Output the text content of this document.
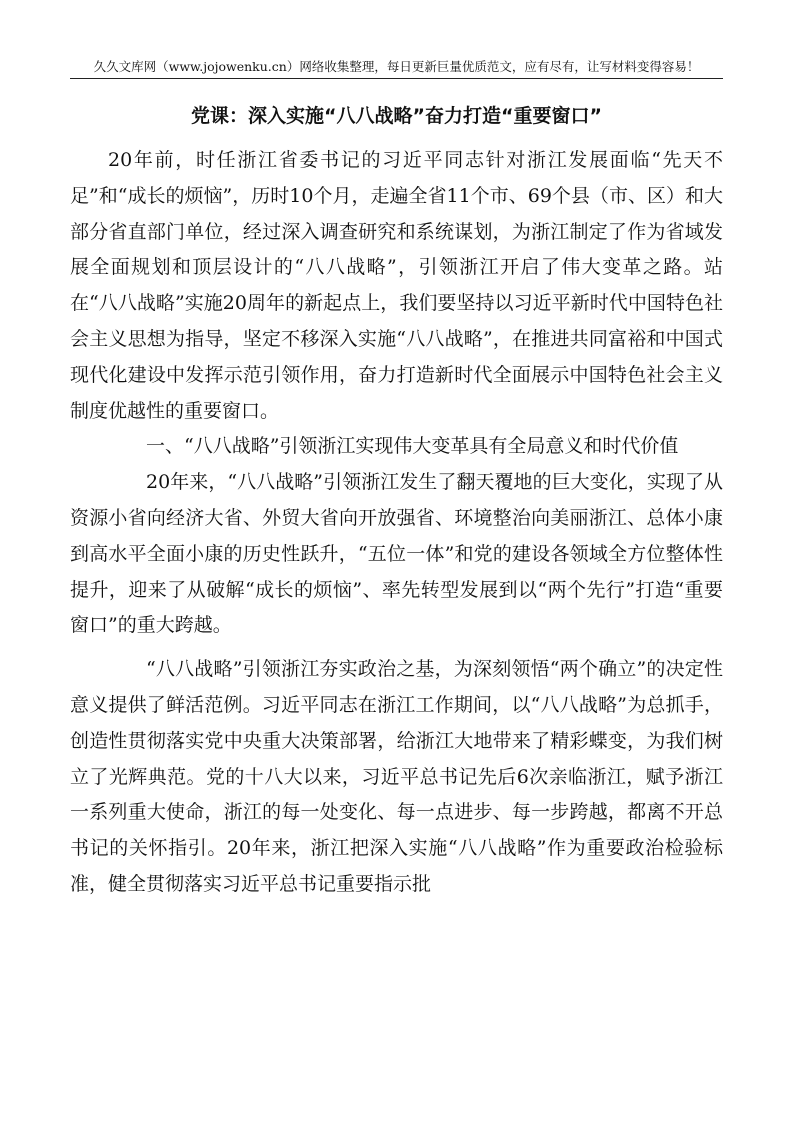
久久文库网（www.jojowenku.cn）网络收集整理，每日更新巨量优质范文，应有尽有，让写材料变得容易！
党课：深入实施“八八战略”奋力打造“重要窗口”

20年前，时任浙江省委书记的习近平同志针对浙江发展面临“先天不足”和“成长的烦恼”，历时10个月，走遍全省11个市、69个县（市、区）和大部分省直部门单位，经过深入调查研究和系统谋划，为浙江制定了作为省域发展全面规划和顶层设计的“八八战略”，引领浙江开启了伟大变革之路。站在“八八战略”实施20周年的新起点上，我们要坚持以习近平新时代中国特色社会主义思想为指导，坚定不移深入实施“八八战略”，在推进共同富裕和中国式现代化建设中发挥示范引领作用，奋力打造新时代全面展示中国特色社会主义制度优越性的重要窗口。

一、“八八战略”引领浙江实现伟大变革具有全局意义和时代价值

20年来，“八八战略”引领浙江发生了翻天覆地的巨大变化，实现了从资源小省向经济大省、外贸大省向开放强省、环境整治向美丽浙江、总体小康到高水平全面小康的历史性跃升，“五位一体”和党的建设各领域全方位整体性提升，迎来了从破解“成长的烦恼”、率先转型发展到以“两个先行”打造“重要窗口”的重大跨越。

“八八战略”引领浙江夯实政治之基，为深刻领悟“两个确立”的决定性意义提供了鲜活范例。习近平同志在浙江工作期间，以“八八战略”为总抓手，创造性贯彻落实党中央重大决策部署，给浙江大地带来了精彩蝶变，为我们树立了光辉典范。党的十八大以来，习近平总书记先后6次亲临浙江，赋予浙江一系列重大使命，浙江的每一处变化、每一点进步、每一步跨越，都离不开总书记的关怀指引。20年来，浙江把深入实施“八八战略”作为重要政治检验标准，健全贯彻落实习近平总书记重要指示批
